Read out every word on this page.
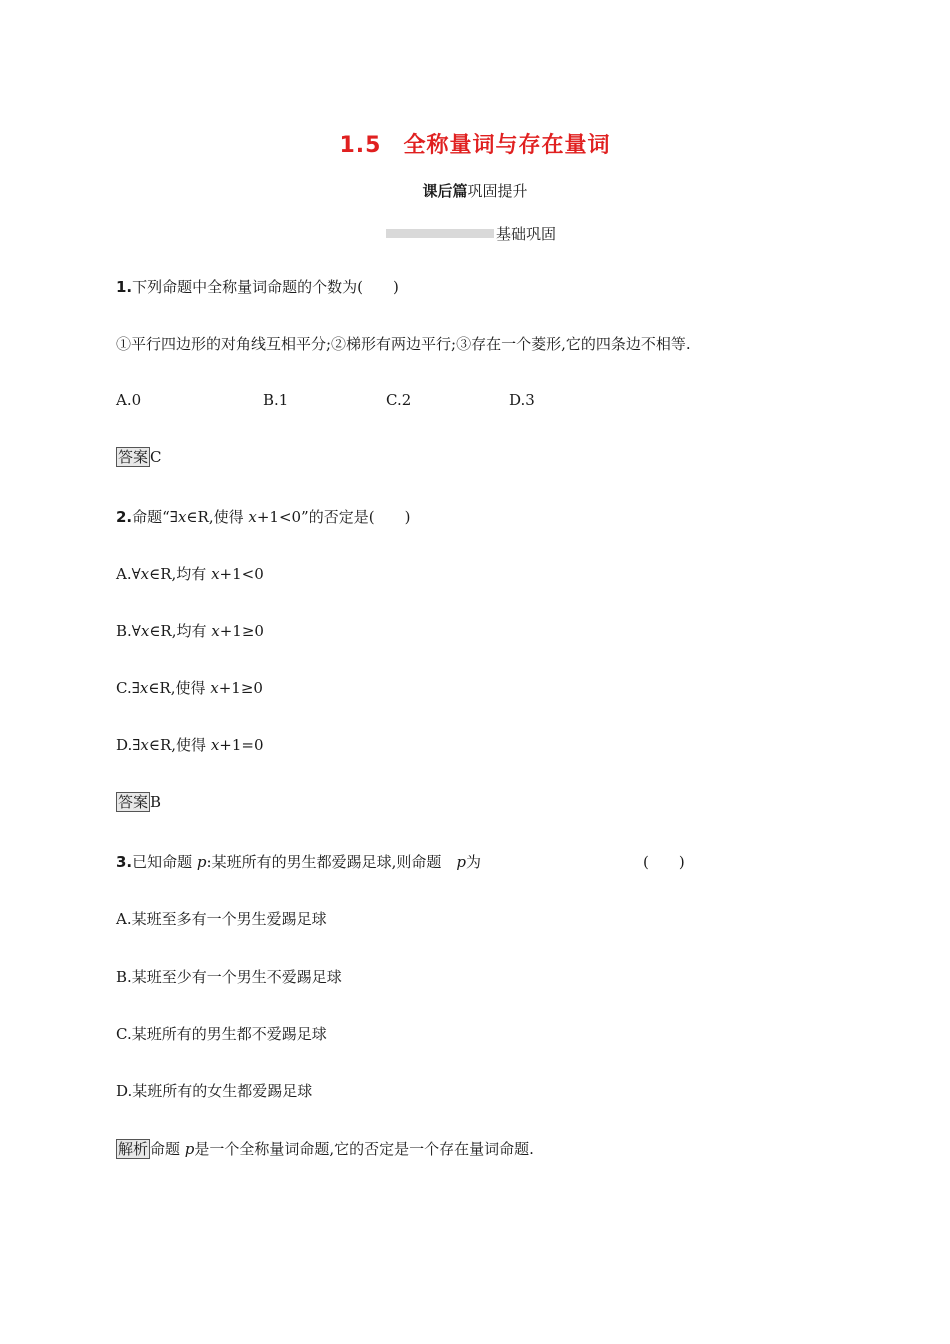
1.5 全称量词与存在量词
课后篇巩固提升
基础巩固
1.下列命题中全称量词命题的个数为(　　)
①平行四边形的对角线互相平分;②梯形有两边平行;③存在一个菱形,它的四条边不相等.
A.0	B.1	C.2	D.3
答案 C
2.命题“∃x∈R,使得 x+1<0”的否定是(　　)
A.∀x∈R,均有 x+1<0
B.∀x∈R,均有 x+1≥0
C.∃x∈R,使得 x+1≥0
D.∃x∈R,使得 x+1=0
答案 B
3.已知命题 p:某班所有的男生都爱踢足球,则命题　p为	(　　)
A.某班至多有一个男生爱踢足球
B.某班至少有一个男生不爱踢足球
C.某班所有的男生都不爱踢足球
D.某班所有的女生都爱踢足球
解析 命题 p是一个全称量词命题,它的否定是一个存在量词命题.
